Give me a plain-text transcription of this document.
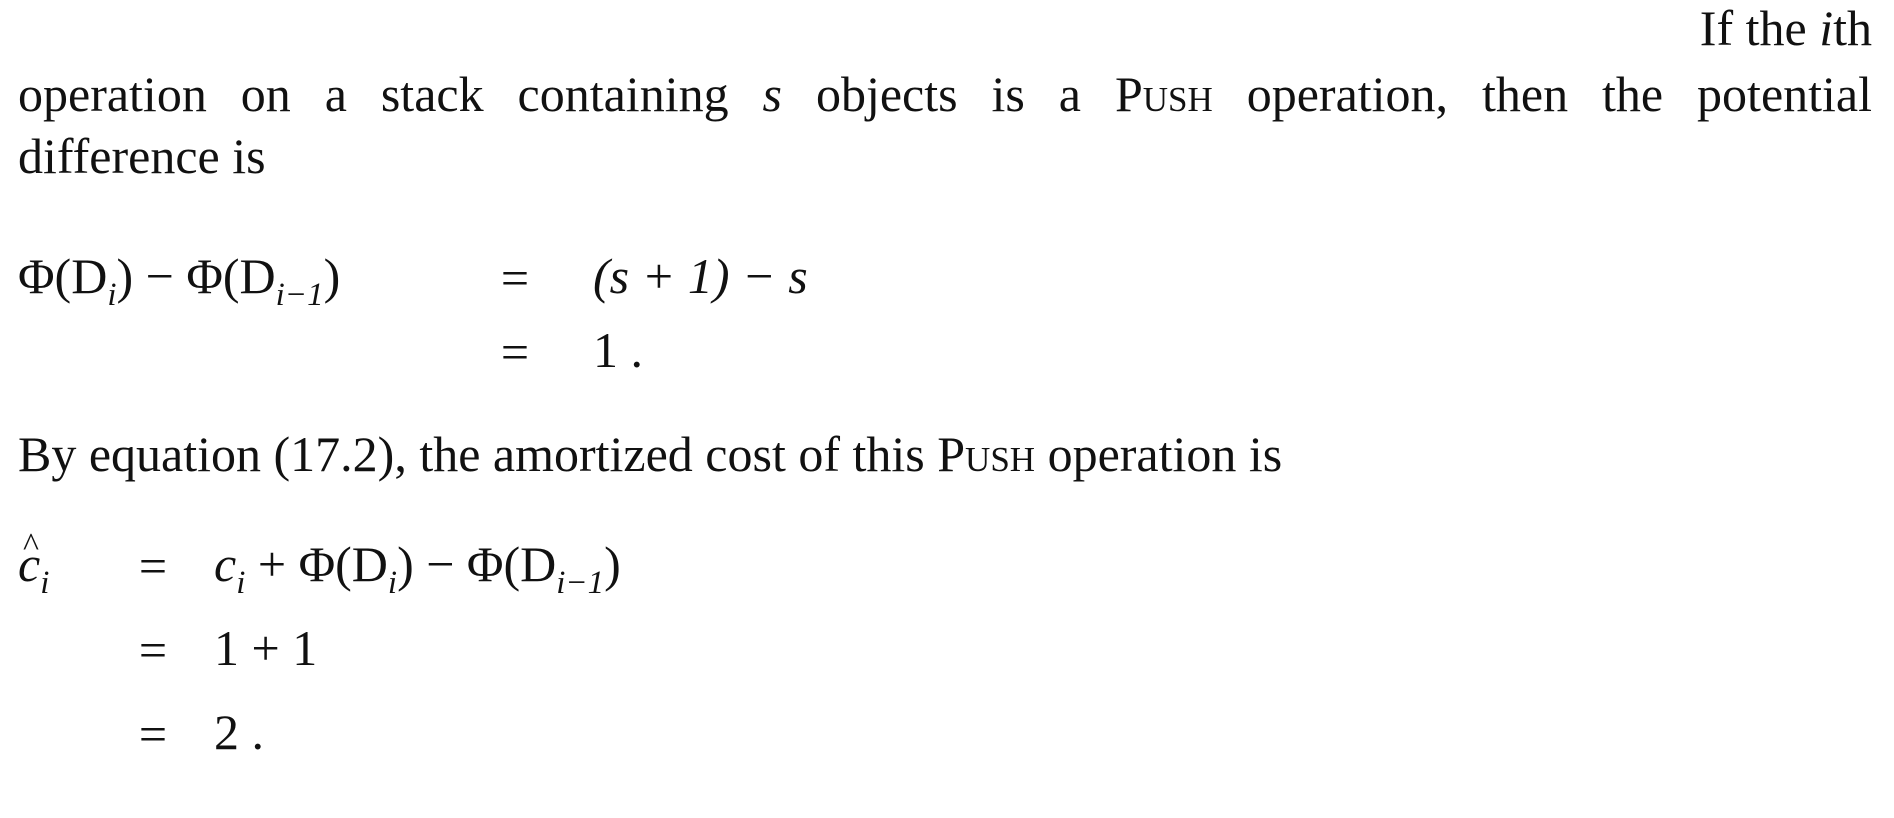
If the ith
operation on a stack containing s objects is a Push operation, then the potential
difference is
$\Phi(D_i) - \Phi(D_{i-1})$	= (s + 1) − s
= 1 .
By equation (17.2), the amortized cost of this Push operation is
^ $c_i = c_i + \Phi(D_i) - \Phi(D_{i-1})$
= 1 + 1
= 2 .
